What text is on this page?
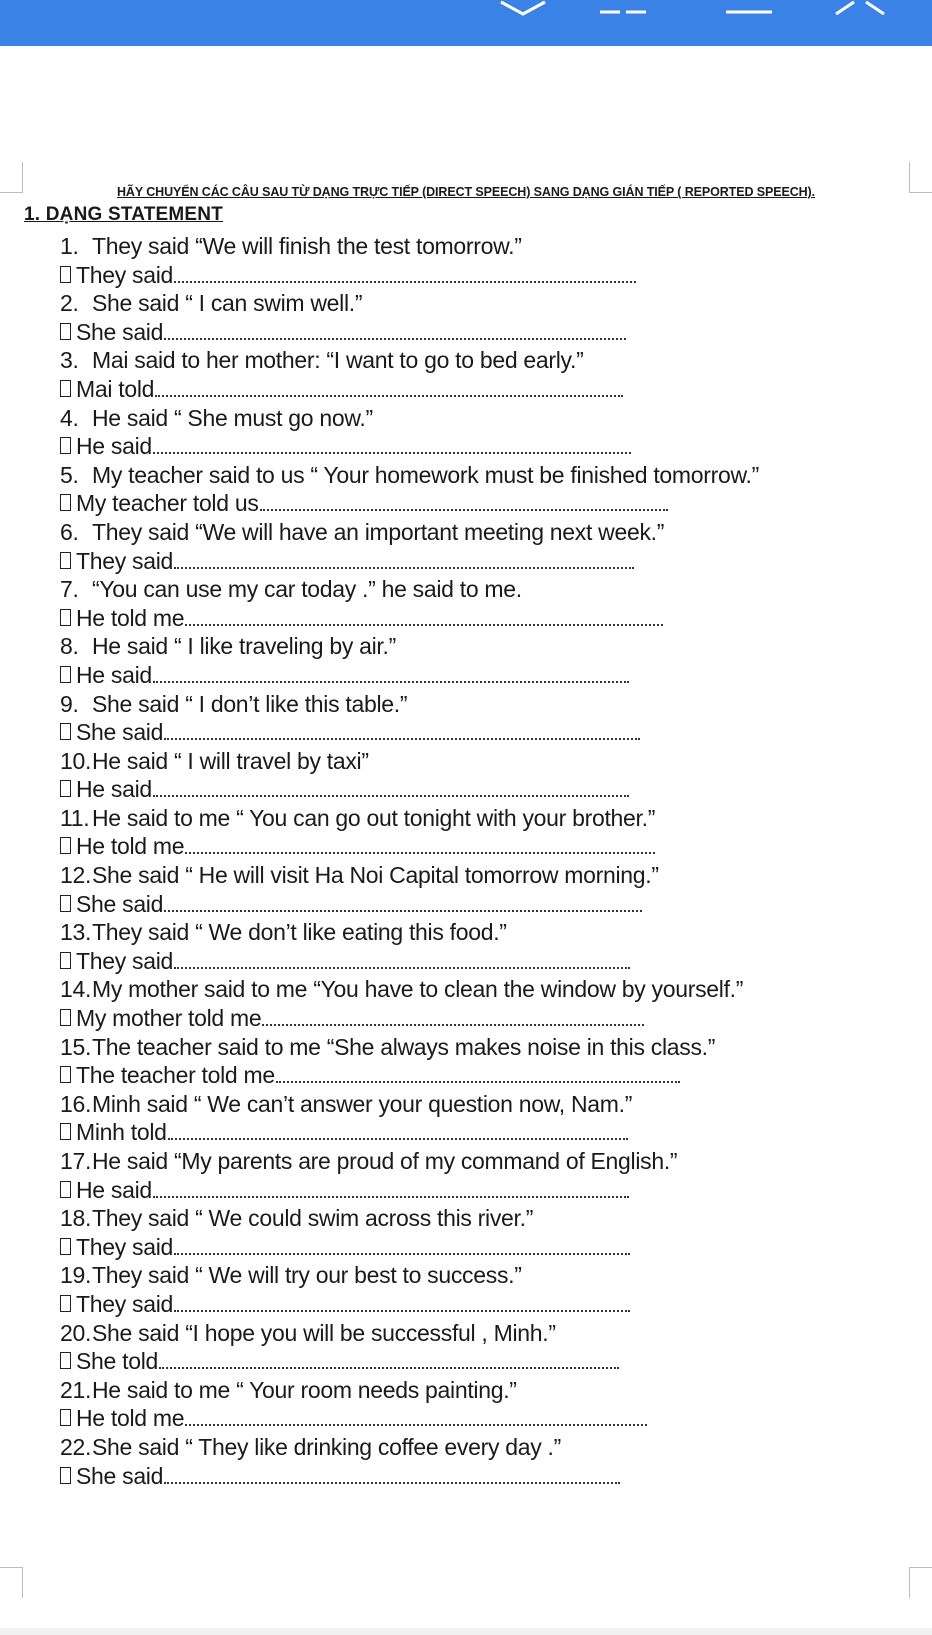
HÃY CHUYỂN CÁC CÂU SAU TỪ DẠNG TRỰC TIẾP (DIRECT SPEECH) SANG DẠNG GIÁN TIẾP ( REPORTED SPEECH).
1. DẠNG STATEMENT
1. They said “We will finish the test tomorrow.”
They said
2. She said “ I can swim well.”
She said
3. Mai said to her mother: “I want to go to bed early.”
Mai told
4. He said “ She must go now.”
He said
5. My teacher said to us “ Your homework must be finished tomorrow.”
My teacher told us
6. They said “We will have an important meeting next week.”
They said
7. “You can use my car today .” he said to me.
He told me
8. He said “ I like traveling by air.”
He said
9. She said “ I don’t like this table.”
She said
10.He said “ I will travel by taxi”
He said
11. He said to me “ You can go out tonight with your brother.”
He told me
12.She said “ He will visit Ha Noi Capital tomorrow morning.”
She said
13.They said “ We don’t like eating this food.”
They said
14.My mother said to me “You have to clean the window by yourself.”
My mother told me
15.The teacher said to me “She always makes noise in this class.”
The teacher told me
16.Minh said “ We can’t answer your question now, Nam.”
Minh told
17.He said “My parents are proud of my command of English.”
He said
18.They said “ We could swim across this river.”
They said
19.They said “ We will try our best to success.”
They said
20.She said “I hope you will be successful , Minh.”
She told
21.He said to me “ Your room needs painting.”
He told me
22.She said “ They like drinking coffee every day .”
She said
